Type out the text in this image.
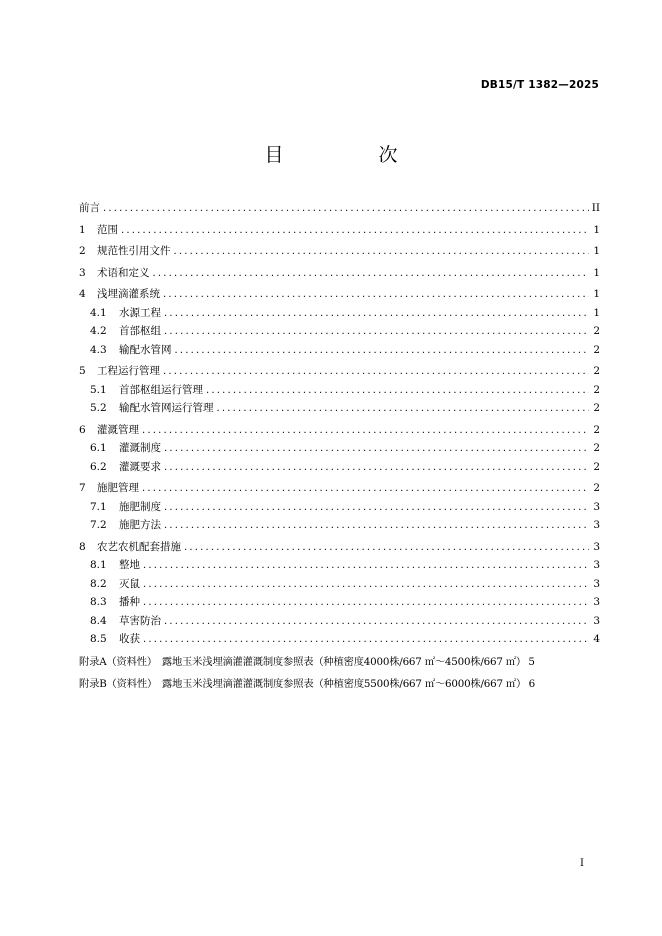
DB15/T 1382—2025
目　次
前言 .....	II
1	范围 .....	1
2	规范性引用文件 .....	1
3	术语和定义 .....	1
4	浅埋滴灌系统 .....	1
4.1	水源工程 .....	1
4.2	首部枢组 .....	2
4.3	输配水管网 .....	2
5	工程运行管理 .....	2
5.1	首部枢组运行管理 .....	2
5.2	输配水管网运行管理 .....	2
6	灌溉管理 .....	2
6.1	灌溉制度 .....	2
6.2	灌溉要求 .....	2
7	施肥管理 .....	2
7.1	施肥制度 .....	3
7.2	施肥方法 .....	3
8	农艺农机配套措施 .....	3
8.1	整地 .....	3
8.2	灭鼠 .....	3
8.3	播种 .....	3
8.4	草害防治 .....	3
8.5	收获 .....	4
附录A（资料性）　露地玉米浅埋滴灌灌溉制度参照表（种植密度4000株/667 ㎡～4500株/667 ㎡） 5
附录B（资料性）　露地玉米浅埋滴灌灌溉制度参照表（种植密度5500株/667 ㎡～6000株/667 ㎡） 6
I
